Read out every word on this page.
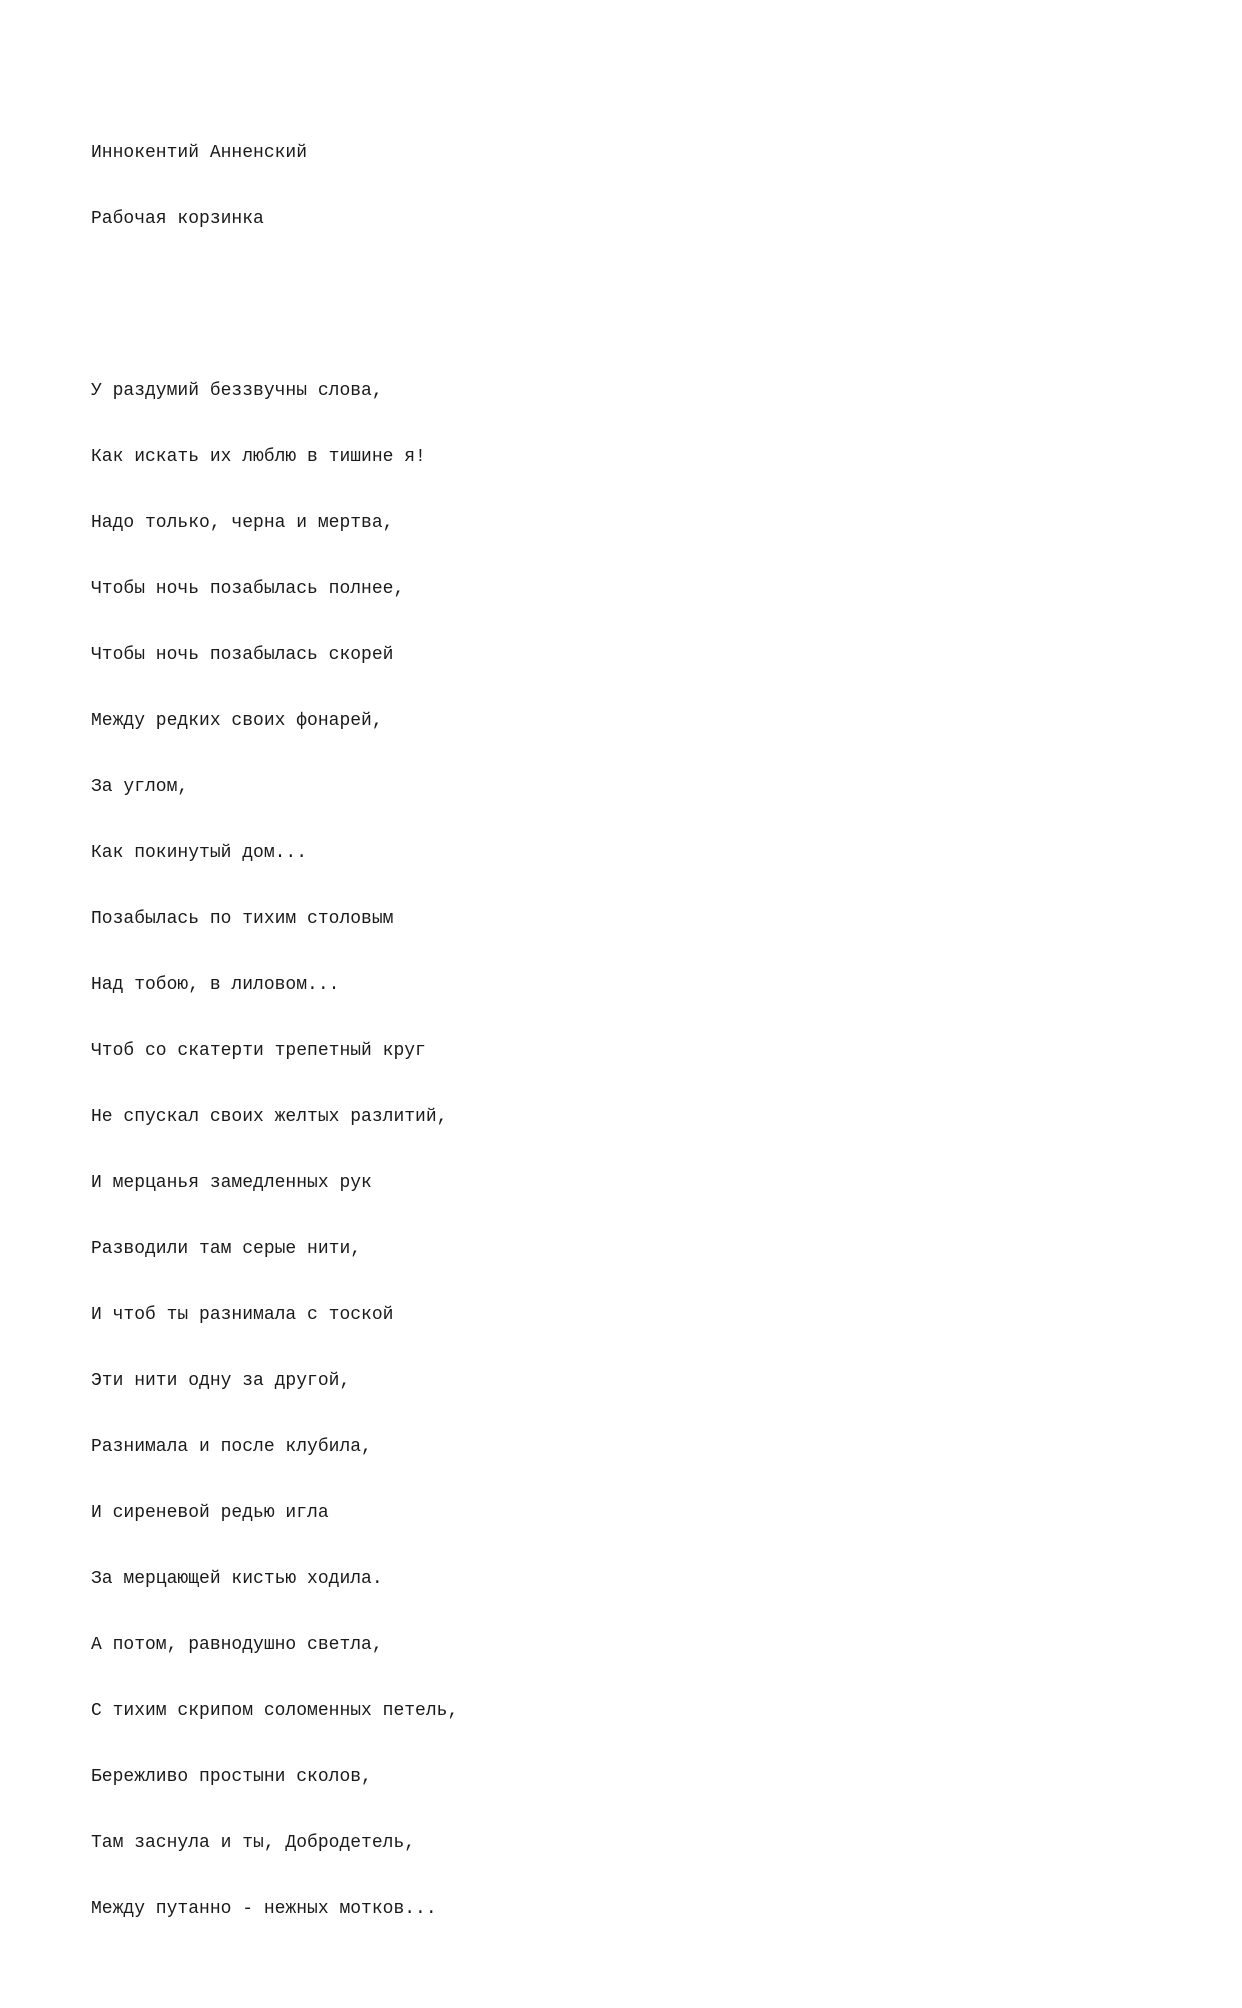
Иннокентий Анненский

Рабочая корзинка

У раздумий беззвучны слова,

Как искать их люблю в тишине я!

Надо только, черна и мертва,

Чтобы ночь позабылась полнее,

Чтобы ночь позабылась скорей

Между редких своих фонарей,

За углом,

Как покинутый дом...

Позабылась по тихим столовым

Над тобою, в лиловом...

Чтоб со скатерти трепетный круг

Не спускал своих желтых разлитий,

И мерцанья замедленных рук

Разводили там серые нити,

И чтоб ты разнимала с тоской

Эти нити одну за другой,

Разнимала и после клубила,

И сиреневой редью игла

За мерцающей кистью ходила.

А потом, равнодушно светла,

С тихим скрипом соломенных петель,

Бережливо простыни сколов,

Там заснула и ты, Добродетель,

Между путанно - нежных мотков...
